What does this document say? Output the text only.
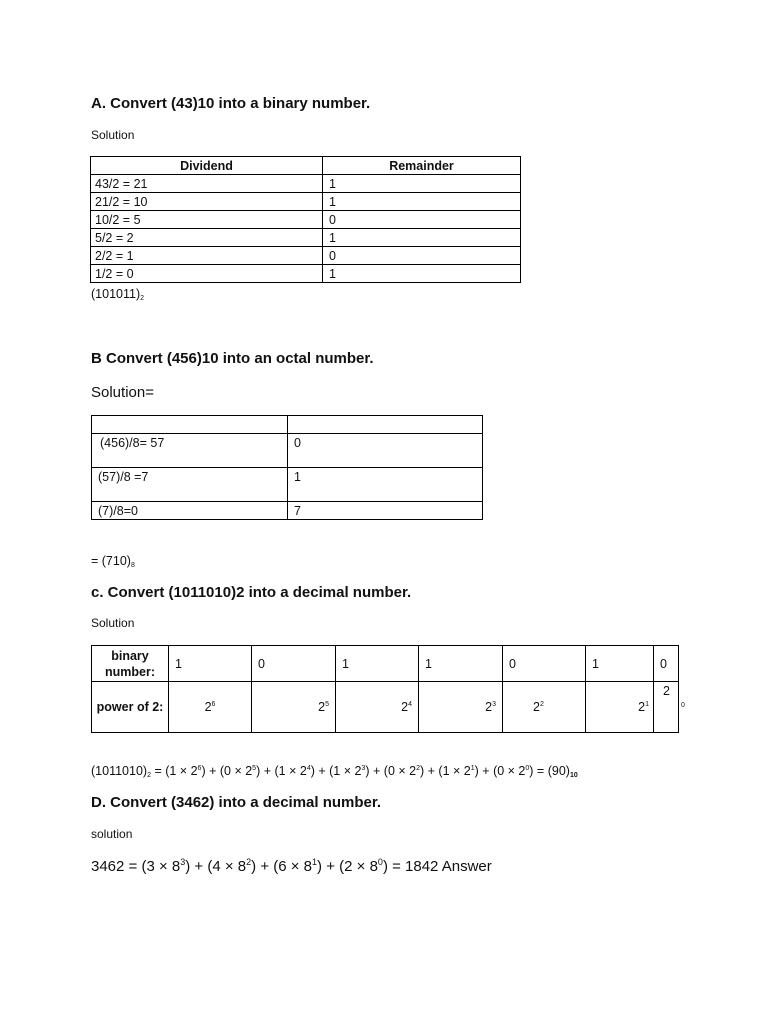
A. Convert (43)10 into a binary number.
Solution
Dividend	Remainder
43/2 = 21	1
21/2 = 10	1
10/2 = 5	0
5/2 = 2	1
2/2 = 1	0
1/2 = 0	1
$(101011)_2$
B Convert (456)10 into an octal number.
Solution=

(456)/8= 57	0
(57)/8 =7	1
(7)/8=0	7
= $(710)_8$
c. Convert (1011010)2 into a decimal number.
Solution
binary number:	1	0	1	1	0	1	0
power of 2:	$2^6$	$2^5$	$2^4$	$2^3$	$2^2$	$2^1$	2
0
$(1011010)_2 = (1 \times 2^6) + (0 \times 2^5) + (1 \times 2^4) + (1 \times 2^3) + (0 \times 2^2) + (1 \times 2^1) + (0 \times 2^0) = (90)_{10}$
D. Convert (3462) into a decimal number.
solution
$3462 = (3 \times 8^3) + (4 \times 8^2) + (6 \times 8^1) + (2 \times 8^0) = 1842$ Answer
